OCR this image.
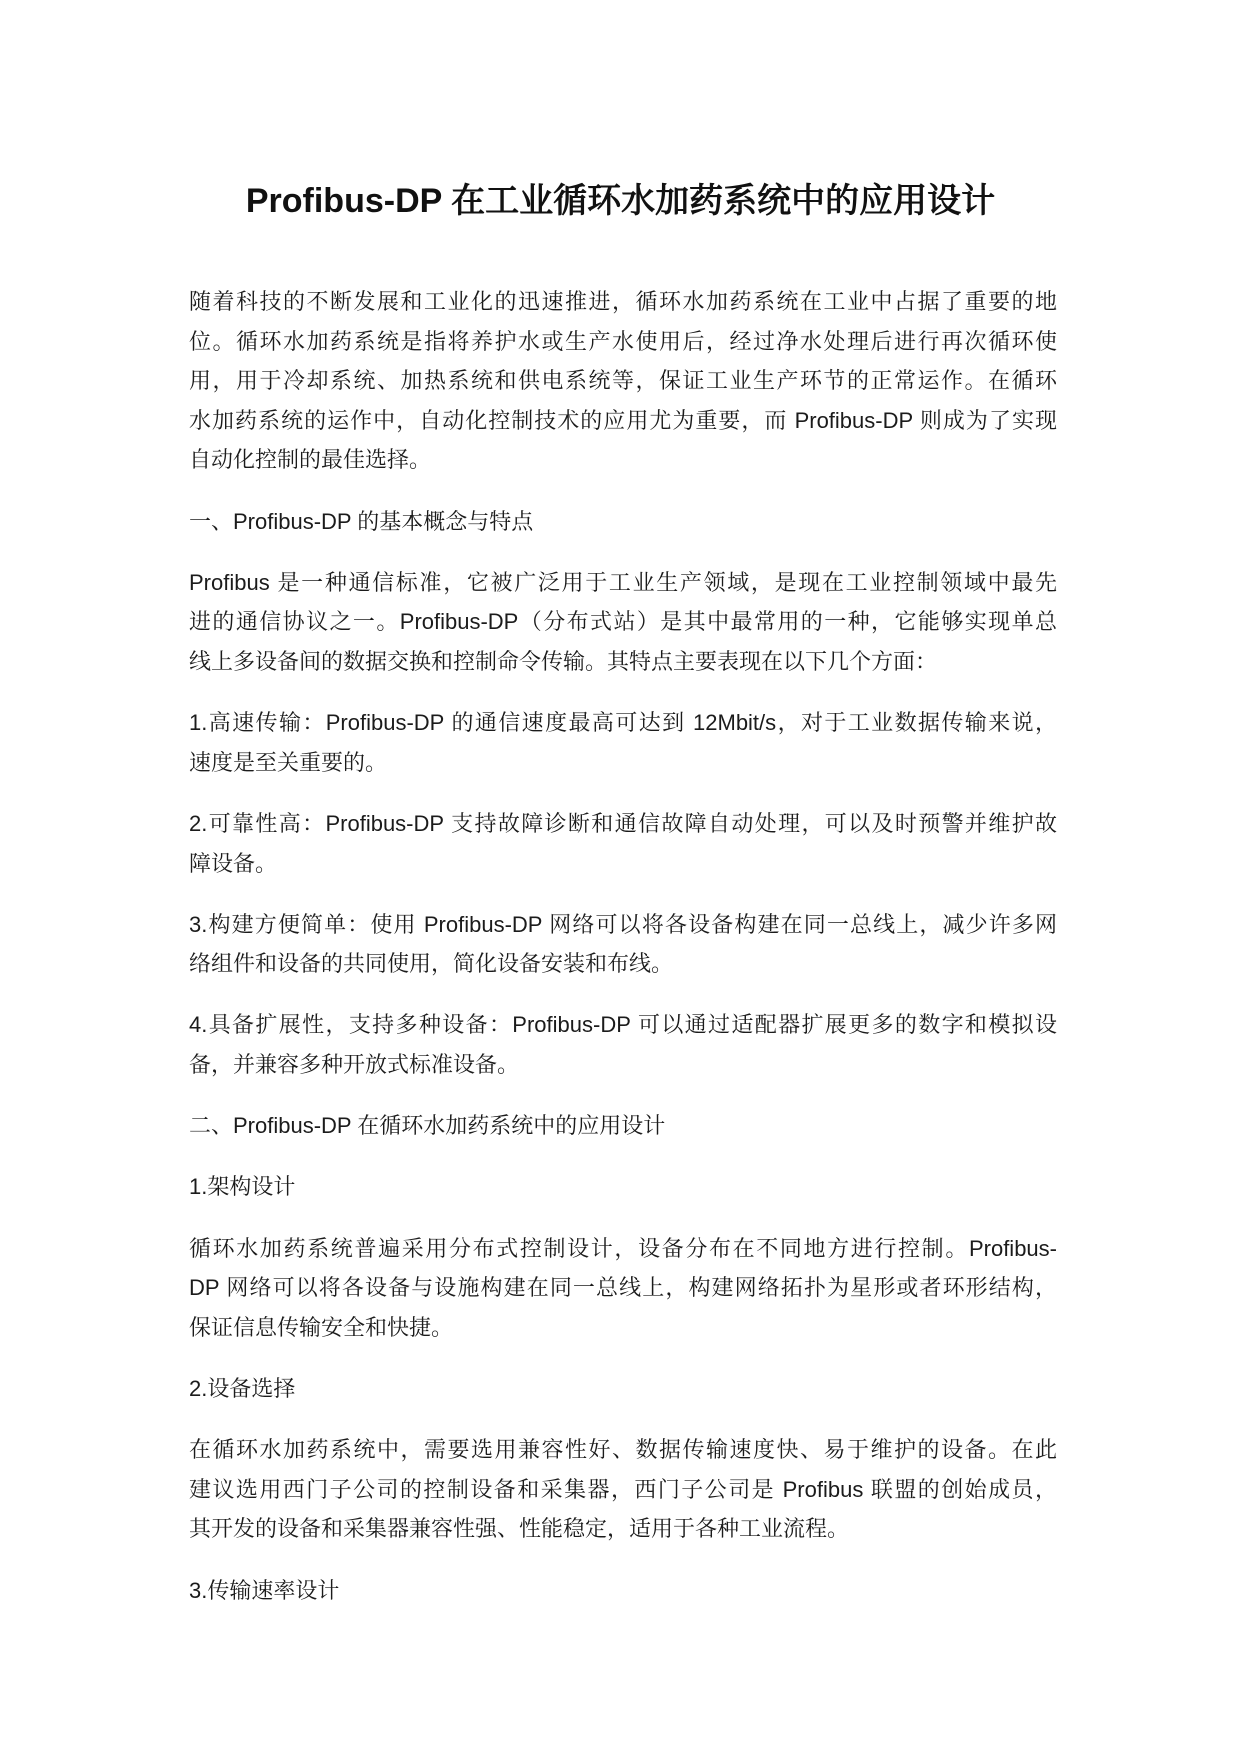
Profibus-DP 在工业循环水加药系统中的应用设计
随着科技的不断发展和工业化的迅速推进，循环水加药系统在工业中占据了重要的地
位。循环水加药系统是指将养护水或生产水使用后，经过净水处理后进行再次循环使
用，用于冷却系统、加热系统和供电系统等，保证工业生产环节的正常运作。在循环
水加药系统的运作中，自动化控制技术的应用尤为重要，而 Profibus-DP 则成为了实现
自动化控制的最佳选择。
一、Profibus-DP 的基本概念与特点
Profibus 是一种通信标准，它被广泛用于工业生产领域，是现在工业控制领域中最先
进的通信协议之一。Profibus-DP（分布式站）是其中最常用的一种，它能够实现单总
线上多设备间的数据交换和控制命令传输。其特点主要表现在以下几个方面：
1.高速传输：Profibus-DP 的通信速度最高可达到 12Mbit/s，对于工业数据传输来说，
速度是至关重要的。
2.可靠性高：Profibus-DP 支持故障诊断和通信故障自动处理，可以及时预警并维护故
障设备。
3.构建方便简单：使用 Profibus-DP 网络可以将各设备构建在同一总线上，减少许多网
络组件和设备的共同使用，简化设备安装和布线。
4.具备扩展性，支持多种设备：Profibus-DP 可以通过适配器扩展更多的数字和模拟设
备，并兼容多种开放式标准设备。
二、Profibus-DP 在循环水加药系统中的应用设计
1.架构设计
循环水加药系统普遍采用分布式控制设计，设备分布在不同地方进行控制。Profibus-
DP 网络可以将各设备与设施构建在同一总线上，构建网络拓扑为星形或者环形结构，
保证信息传输安全和快捷。
2.设备选择
在循环水加药系统中，需要选用兼容性好、数据传输速度快、易于维护的设备。在此
建议选用西门子公司的控制设备和采集器，西门子公司是 Profibus 联盟的创始成员，
其开发的设备和采集器兼容性强、性能稳定，适用于各种工业流程。
3.传输速率设计
